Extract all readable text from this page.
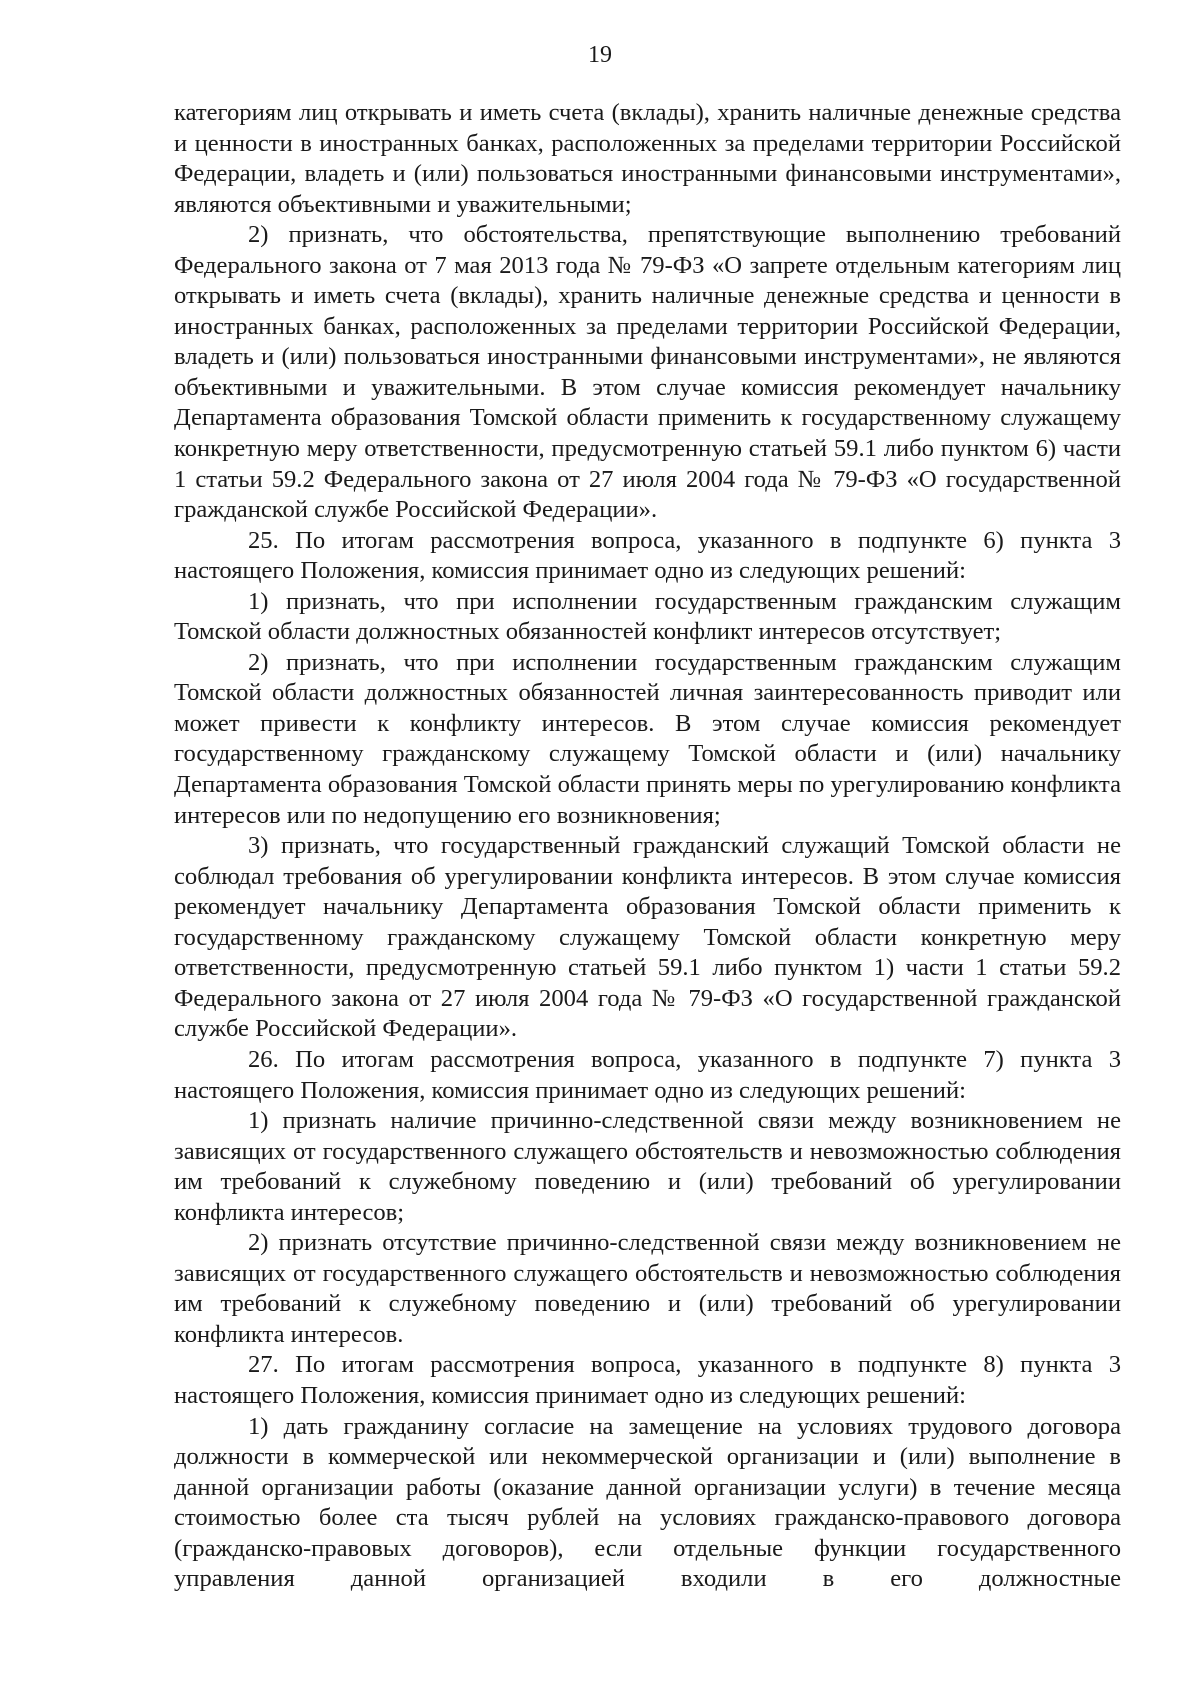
19

категориям лиц открывать и иметь счета (вклады), хранить наличные денежные средства и ценности в иностранных банках, расположенных за пределами территории Российской Федерации, владеть и (или) пользоваться иностранными финансовыми инструментами», являются объективными и уважительными;

2) признать, что обстоятельства, препятствующие выполнению требований Федерального закона от 7 мая 2013 года № 79-ФЗ «О запрете отдельным категориям лиц открывать и иметь счета (вклады), хранить наличные денежные средства и ценности в иностранных банках, расположенных за пределами территории Российской Федерации, владеть и (или) пользоваться иностранными финансовыми инструментами», не являются объективными и уважительными. В этом случае комиссия рекомендует начальнику Департамента образования Томской области применить к государственному служащему конкретную меру ответственности, предусмотренную статьей 59.1 либо пунктом 6) части 1 статьи 59.2 Федерального закона от 27 июля 2004 года № 79-ФЗ «О государственной гражданской службе Российской Федерации».

25. По итогам рассмотрения вопроса, указанного в подпункте 6) пункта 3 настоящего Положения, комиссия принимает одно из следующих решений:

1) признать, что при исполнении государственным гражданским служащим Томской области должностных обязанностей конфликт интересов отсутствует;

2) признать, что при исполнении государственным гражданским служащим Томской области должностных обязанностей личная заинтересованность приводит или может привести к конфликту интересов. В этом случае комиссия рекомендует государственному гражданскому служащему Томской области и (или) начальнику Департамента образования Томской области принять меры по урегулированию конфликта интересов или по недопущению его возникновения;

3) признать, что государственный гражданский служащий Томской области не соблюдал требования об урегулировании конфликта интересов. В этом случае комиссия рекомендует начальнику Департамента образования Томской области применить к государственному гражданскому служащему Томской области конкретную меру ответственности, предусмотренную статьей 59.1 либо пунктом 1) части 1 статьи 59.2 Федерального закона от 27 июля 2004 года № 79-ФЗ «О государственной гражданской службе Российской Федерации».

26. По итогам рассмотрения вопроса, указанного в подпункте 7) пункта 3 настоящего Положения, комиссия принимает одно из следующих решений:

1) признать наличие причинно-следственной связи между возникновением не зависящих от государственного служащего обстоятельств и невозможностью соблюдения им требований к служебному поведению и (или) требований об урегулировании конфликта интересов;

2) признать отсутствие причинно-следственной связи между возникновением не зависящих от государственного служащего обстоятельств и невозможностью соблюдения им требований к служебному поведению и (или) требований об урегулировании конфликта интересов.

27. По итогам рассмотрения вопроса, указанного в подпункте 8) пункта 3 настоящего Положения, комиссия принимает одно из следующих решений:

1) дать гражданину согласие на замещение на условиях трудового договора должности в коммерческой или некоммерческой организации и (или) выполнение в данной организации работы (оказание данной организации услуги) в течение месяца стоимостью более ста тысяч рублей на условиях гражданско-правового договора (гражданско-правовых договоров), если отдельные функции государственного управления данной организацией входили в его должностные
